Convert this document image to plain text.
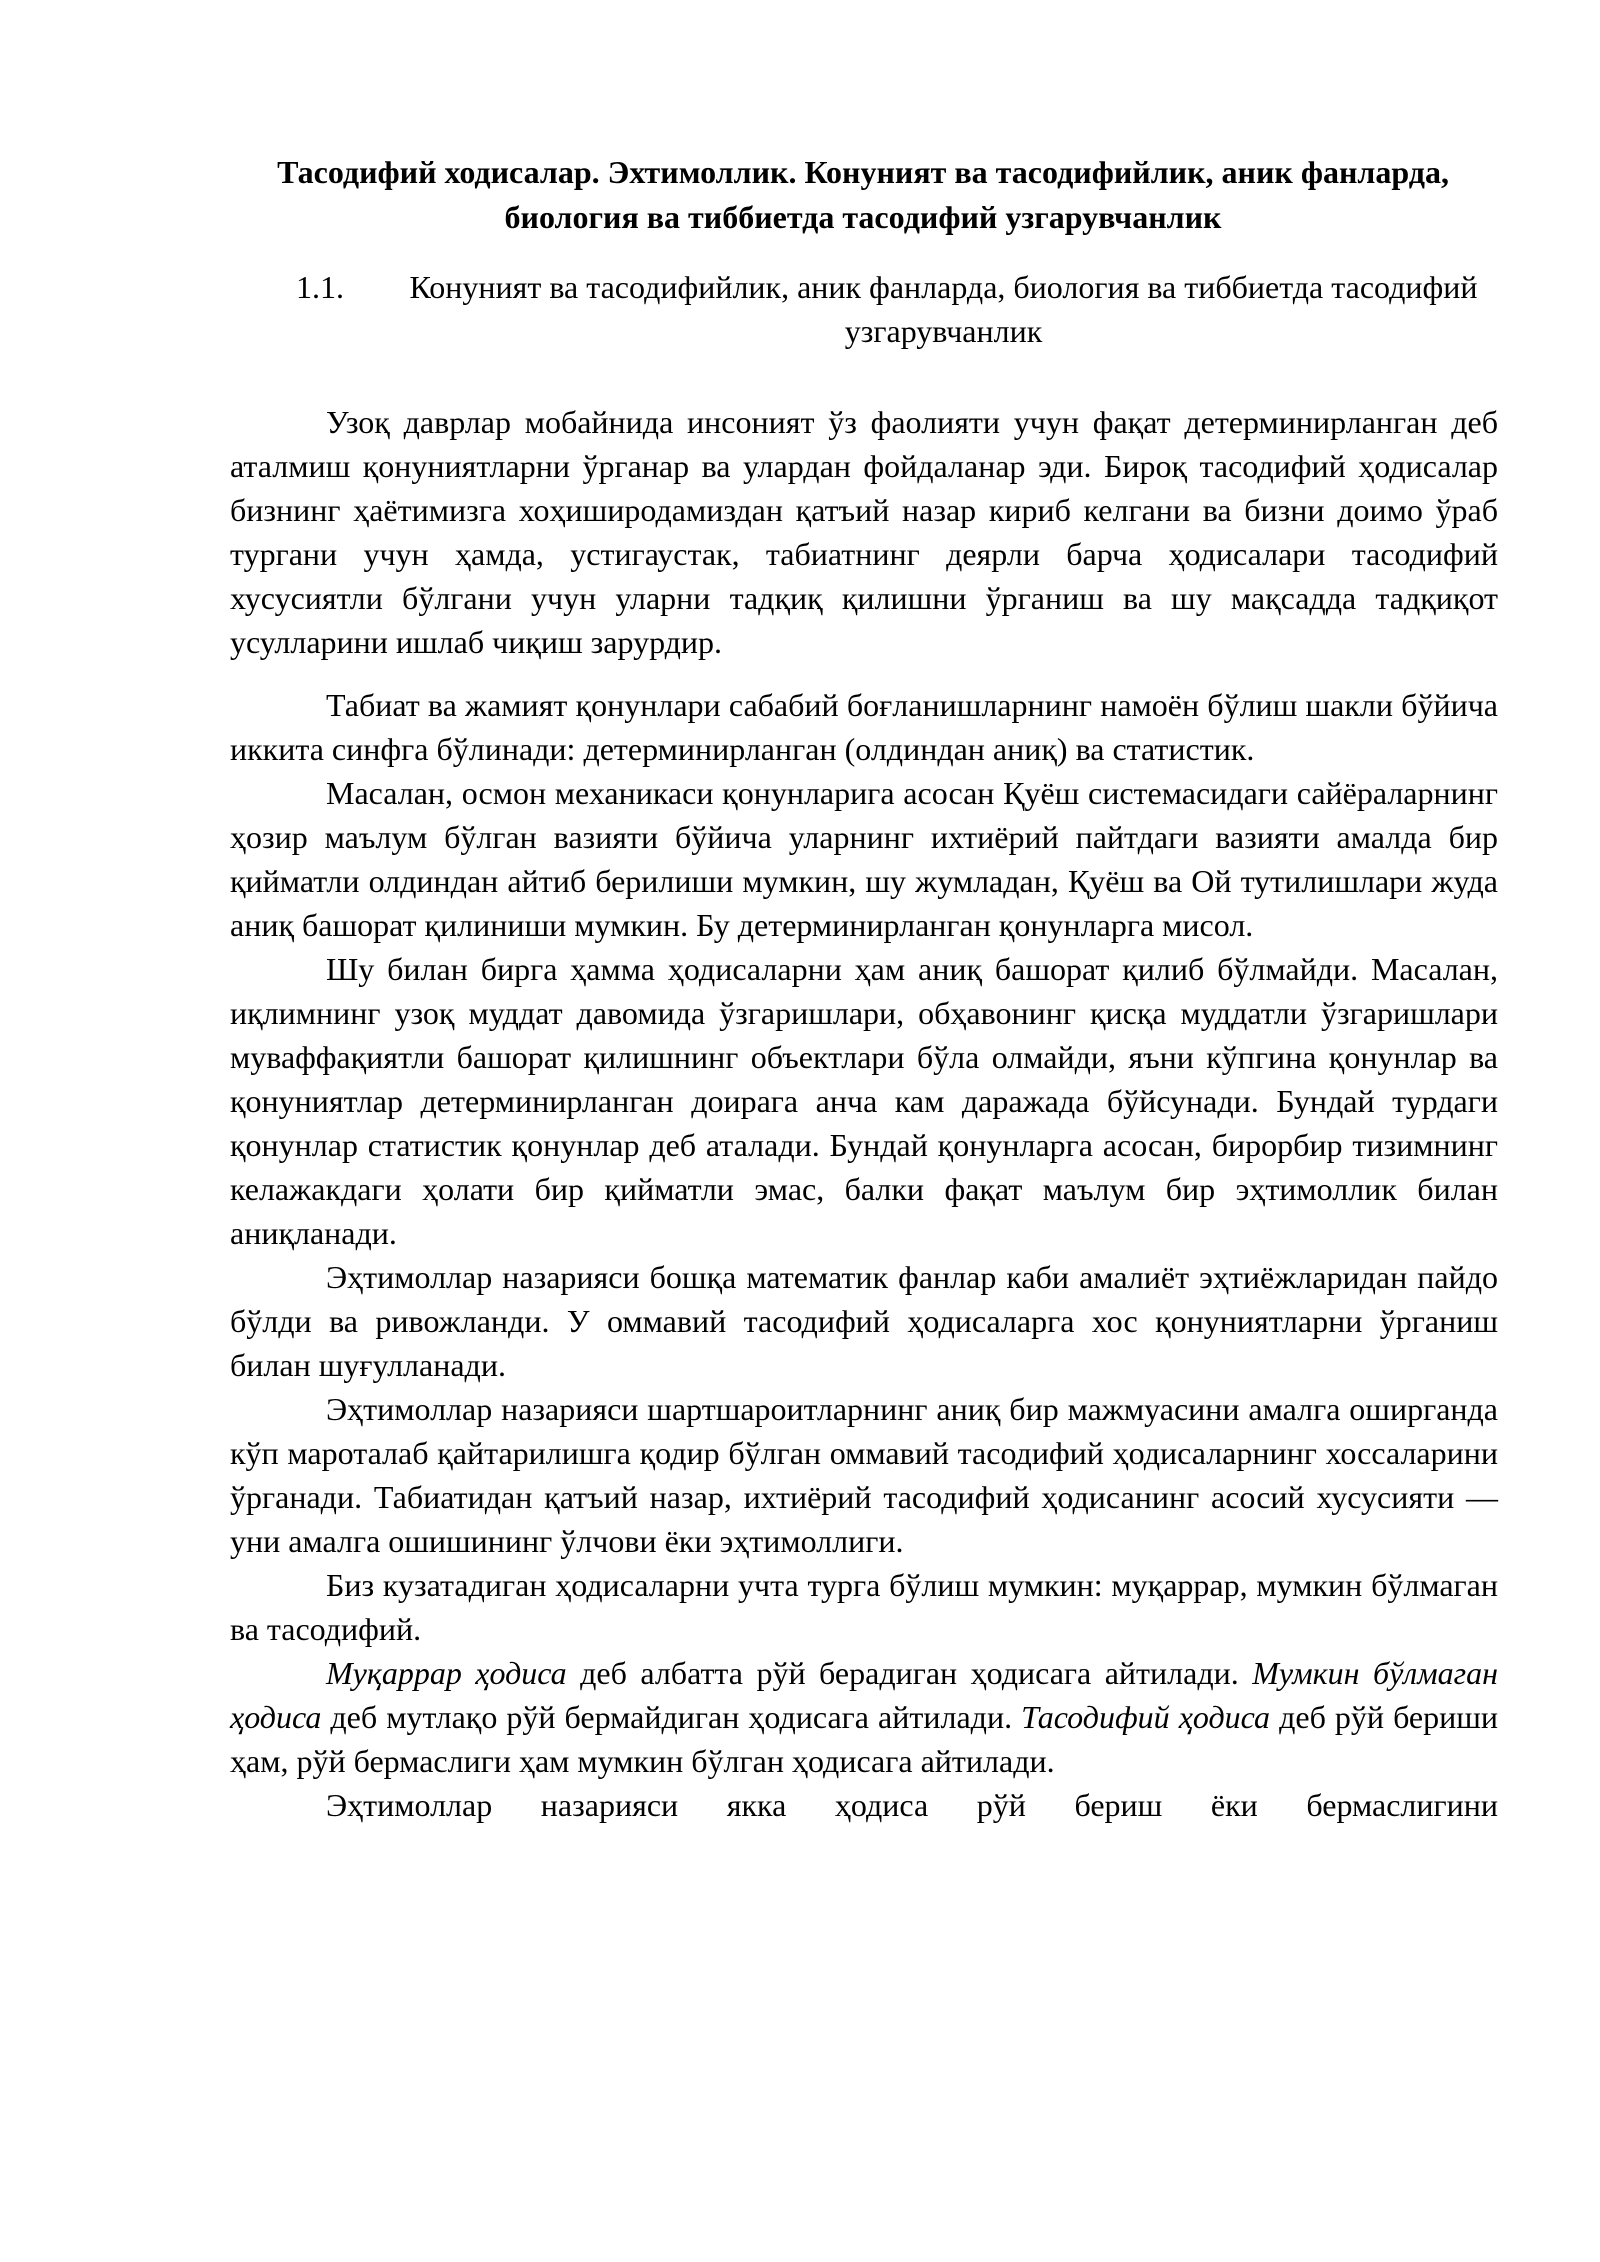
Тасодифий ходисалар. Эхтимоллик. Конуният ва тасодифийлик, аник фанларда, биология ва тиббиетда тасодифий узгарувчанлик
1.1.	Конуният ва тасодифийлик, аник фанларда, биология ва тиббиетда тасодифий узгарувчанлик

Узоқ даврлар мобайнида инсоният ўз фаолияти учун фақат детерминирланган деб аталмиш қонуниятларни ўрганар ва улардан фойдаланар эди. Бироқ тасодифий ҳодисалар бизнинг ҳаётимизга хоҳиширодамиздан қатъий назар кириб келгани ва бизни доимо ўраб тургани учун ҳамда, устигаустак, табиатнинг деярли барча ҳодисалари тасодифий хусусиятли бўлгани учун уларни тадқиқ қилишни ўрганиш ва шу мақсадда тадқиқот усулларини ишлаб чиқиш зарурдир.

Табиат ва жамият қонунлари сабабий боғланишларнинг намоён бўлиш шакли бўйича иккита синфга бўлинади: детерминирланган (олдиндан аниқ) ва статистик.

Масалан, осмон механикаси қонунларига асосан Қуёш системасидаги сайёраларнинг ҳозир маълум бўлган вазияти бўйича уларнинг ихтиёрий пайтдаги вазияти амалда бир қийматли олдиндан айтиб берилиши мумкин, шу жумладан, Қуёш ва Ой тутилишлари жуда аниқ башорат қилиниши мумкин. Бу детерминирланган қонунларга мисол.

Шу билан бирга ҳамма ҳодисаларни ҳам аниқ башорат қилиб бўлмайди. Масалан, иқлимнинг узоқ муддат давомида ўзгаришлари, обҳавонинг қисқа муддатли ўзгаришлари муваффақиятли башорат қилишнинг объектлари бўла олмайди, яъни кўпгина қонунлар ва қонуниятлар детерминирланган доирага анча кам даражада бўйсунади. Бундай турдаги қонунлар статистик қонунлар деб аталади. Бундай қонунларга асосан, бирорбир тизимнинг келажакдаги ҳолати бир қийматли эмас, балки фақат маълум бир эҳтимоллик билан аниқланади.

Эҳтимоллар назарияси бошқа математик фанлар каби амалиёт эҳтиёжларидан пайдо бўлди ва ривожланди. У оммавий тасодифий ҳодисаларга хос қонуниятларни ўрганиш билан шуғулланади.

Эҳтимоллар назарияси шартшароитларнинг аниқ бир мажмуасини амалга оширганда кўп мароталаб қайтарилишга қодир бўлган оммавий тасодифий ҳодисаларнинг хоссаларини ўрганади. Табиатидан қатъий назар, ихтиёрий тасодифий ҳодисанинг асосий хусусияти — уни амалга ошишининг ўлчови ёки эҳтимоллиги.

Биз кузатадиган ҳодисаларни учта турга бўлиш мумкин: муқаррар, мумкин бўлмаган ва тасодифий.

Муқаррар ҳодиса деб албатта рўй берадиган ҳодисага айтилади. Мумкин бўлмаган ҳодиса деб мутлақо рўй бермайдиган ҳодисага айтилади. Тасодифий ҳодиса деб рўй бериши ҳам, рўй бермаслиги ҳам мумкин бўлган ҳодисага айтилади.

Эҳтимоллар назарияси якка ҳодиса рўй бериш ёки бермаслигини
